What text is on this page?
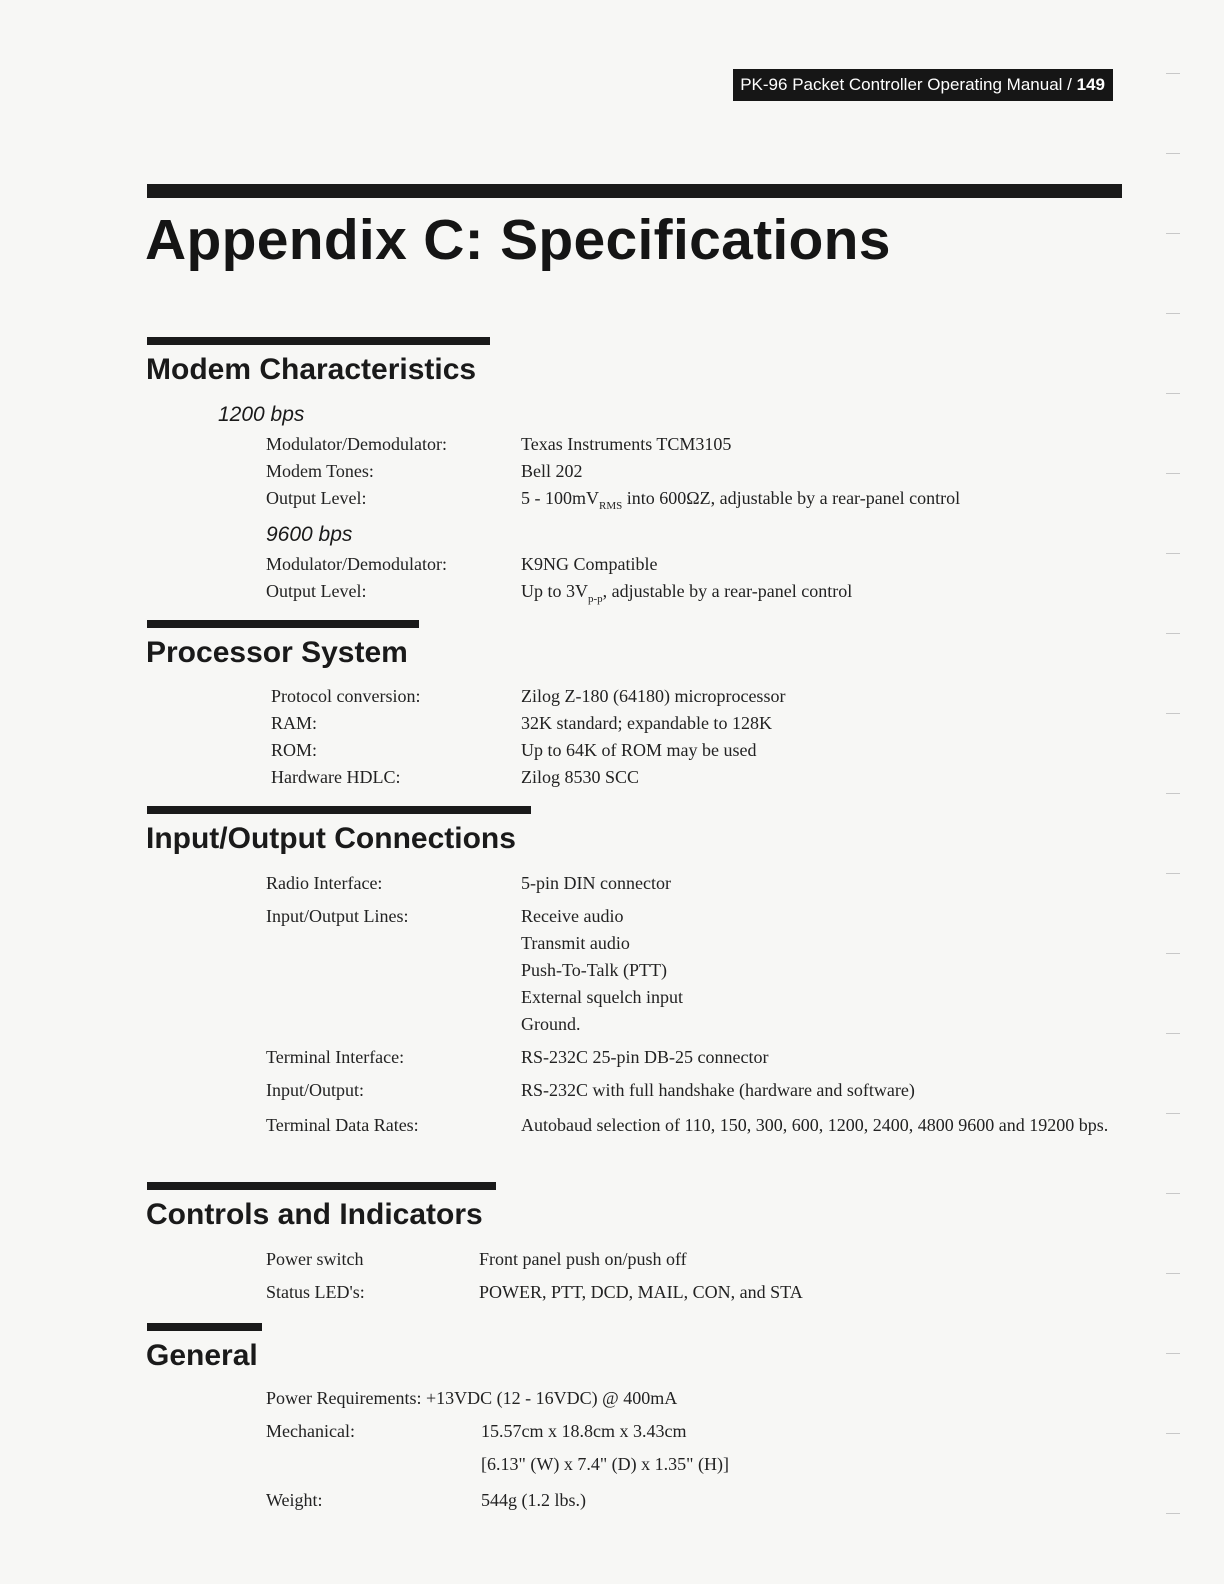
PK-96 Packet Controller Operating Manual / 149
Appendix C: Specifications
Modem Characteristics
1200 bps
Modulator/Demodulator:	Texas Instruments TCM3105
Modem Tones:	Bell 202
Output Level:	$5 - 100mV_{RMS}$ into 600ΩZ, adjustable by a rear-panel control
9600 bps
Modulator/Demodulator:	K9NG Compatible
Output Level:	Up to $3V_{p-p}$, adjustable by a rear-panel control
Processor System
Protocol conversion:	Zilog Z-180 (64180) microprocessor
RAM:	32K standard; expandable to 128K
ROM:	Up to 64K of ROM may be used
Hardware HDLC:	Zilog 8530 SCC
Input/Output Connections
Radio Interface:	5-pin DIN connector
Input/Output Lines:	Receive audio
Transmit audio
Push-To-Talk (PTT)
External squelch input
Ground.
Terminal Interface:	RS-232C 25-pin DB-25 connector
Input/Output:	RS-232C with full handshake (hardware and software)
Terminal Data Rates:	Autobaud selection of 110, 150, 300, 600, 1200, 2400, 4800 9600 and 19200 bps.
Controls and Indicators
Power switch	Front panel push on/push off
Status LED's:	POWER, PTT, DCD, MAIL, CON, and STA
General
Power Requirements: +13VDC (12 - 16VDC) @ 400mA
Mechanical:	15.57cm x 18.8cm x 3.43cm
[6.13" (W) x 7.4" (D) x 1.35" (H)]
Weight:	544g (1.2 lbs.)
